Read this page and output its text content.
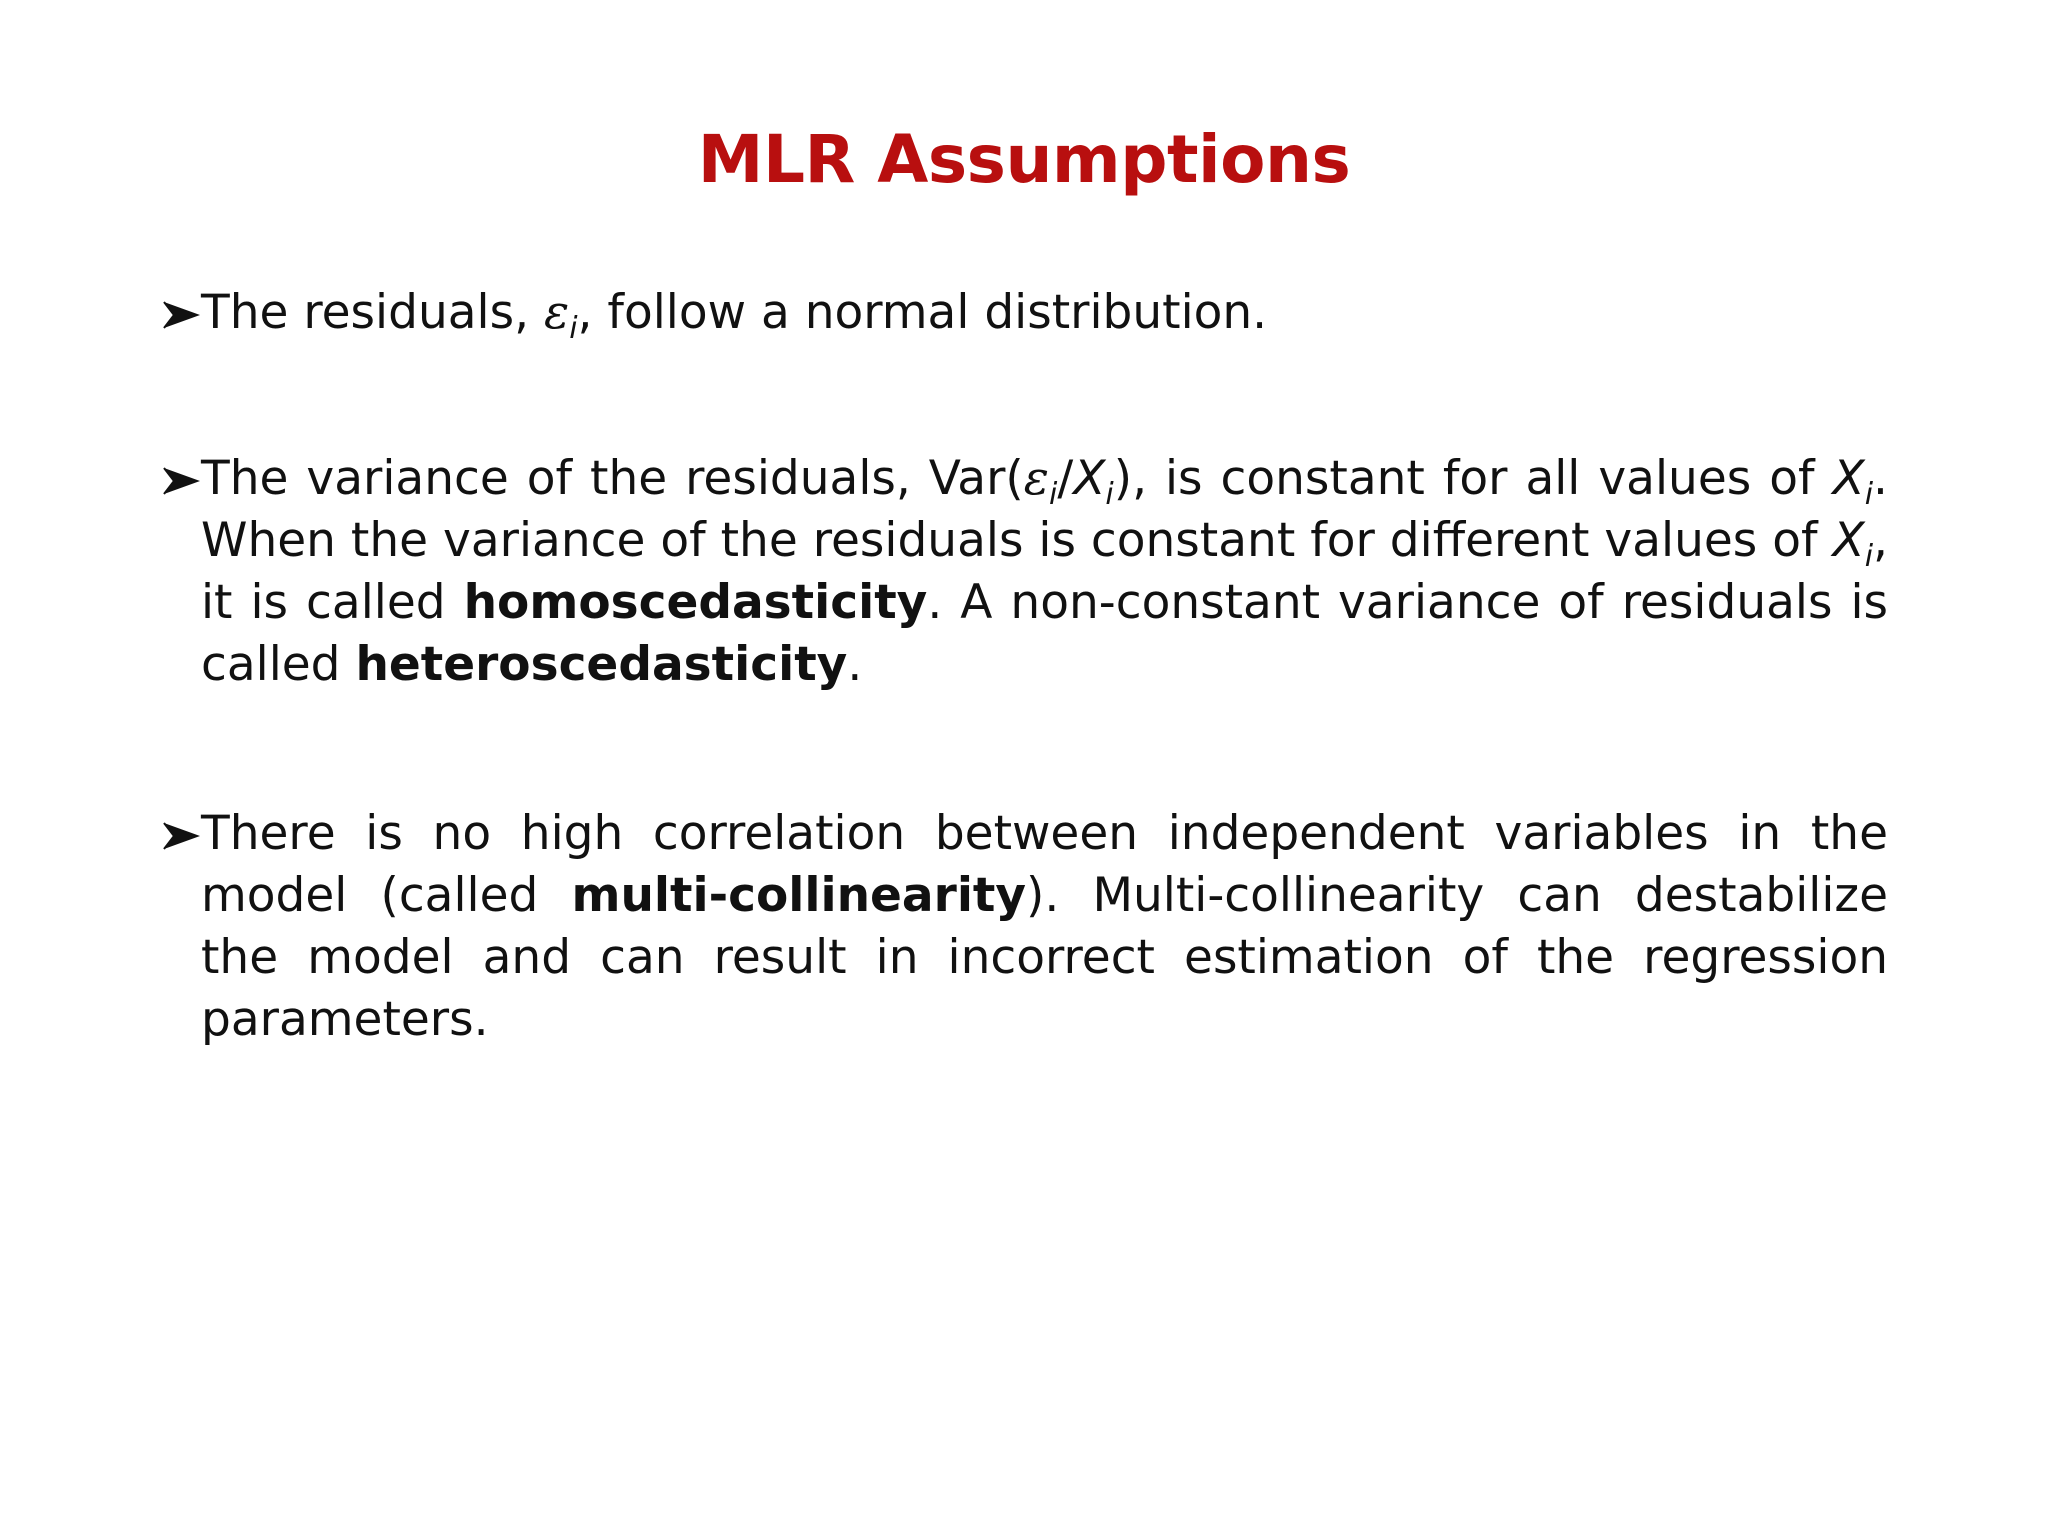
MLR Assumptions
The residuals, $\varepsilon_i$, follow a normal distribution.
The variance of the residuals, $Var(\varepsilon_i/X_i)$, is constant for all values of $X_i$. When the variance of the residuals is constant for different values of $X_i$, it is called homoscedasticity. A non-constant variance of residuals is called heteroscedasticity.
There is no high correlation between independent variables in the model (called multi-collinearity). Multi-collinearity can destabilize the model and can result in incorrect estimation of the regression parameters.
